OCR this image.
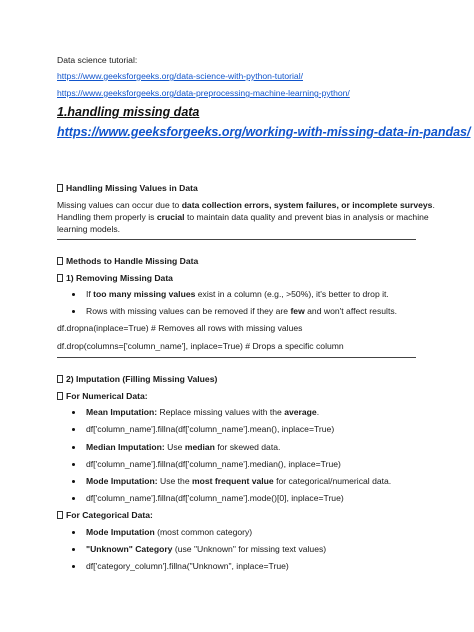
Data science tutorial:
https://www.geeksforgeeks.org/data-science-with-python-tutorial/
https://www.geeksforgeeks.org/data-preprocessing-machine-learning-python/
1.handling missing data
https://www.geeksforgeeks.org/working-with-missing-data-in-pandas/
Handling Missing Values in Data
Missing values can occur due to data collection errors, system failures, or incomplete surveys.
Handling them properly is crucial to maintain data quality and prevent bias in analysis or machine
learning models.
Methods to Handle Missing Data
1) Removing Missing Data
If too many missing values exist in a column (e.g., >50%), it's better to drop it.
Rows with missing values can be removed if they are few and won't affect results.
df.dropna(inplace=True) # Removes all rows with missing values
df.drop(columns=['column_name'], inplace=True) # Drops a specific column
2) Imputation (Filling Missing Values)
For Numerical Data:
Mean Imputation: Replace missing values with the average.
df['column_name'].fillna(df['column_name'].mean(), inplace=True)
Median Imputation: Use median for skewed data.
df['column_name'].fillna(df['column_name'].median(), inplace=True)
Mode Imputation: Use the most frequent value for categorical/numerical data.
df['column_name'].fillna(df['column_name'].mode()[0], inplace=True)
For Categorical Data:
Mode Imputation (most common category)
"Unknown" Category (use "Unknown" for missing text values)
df['category_column'].fillna("Unknown", inplace=True)
